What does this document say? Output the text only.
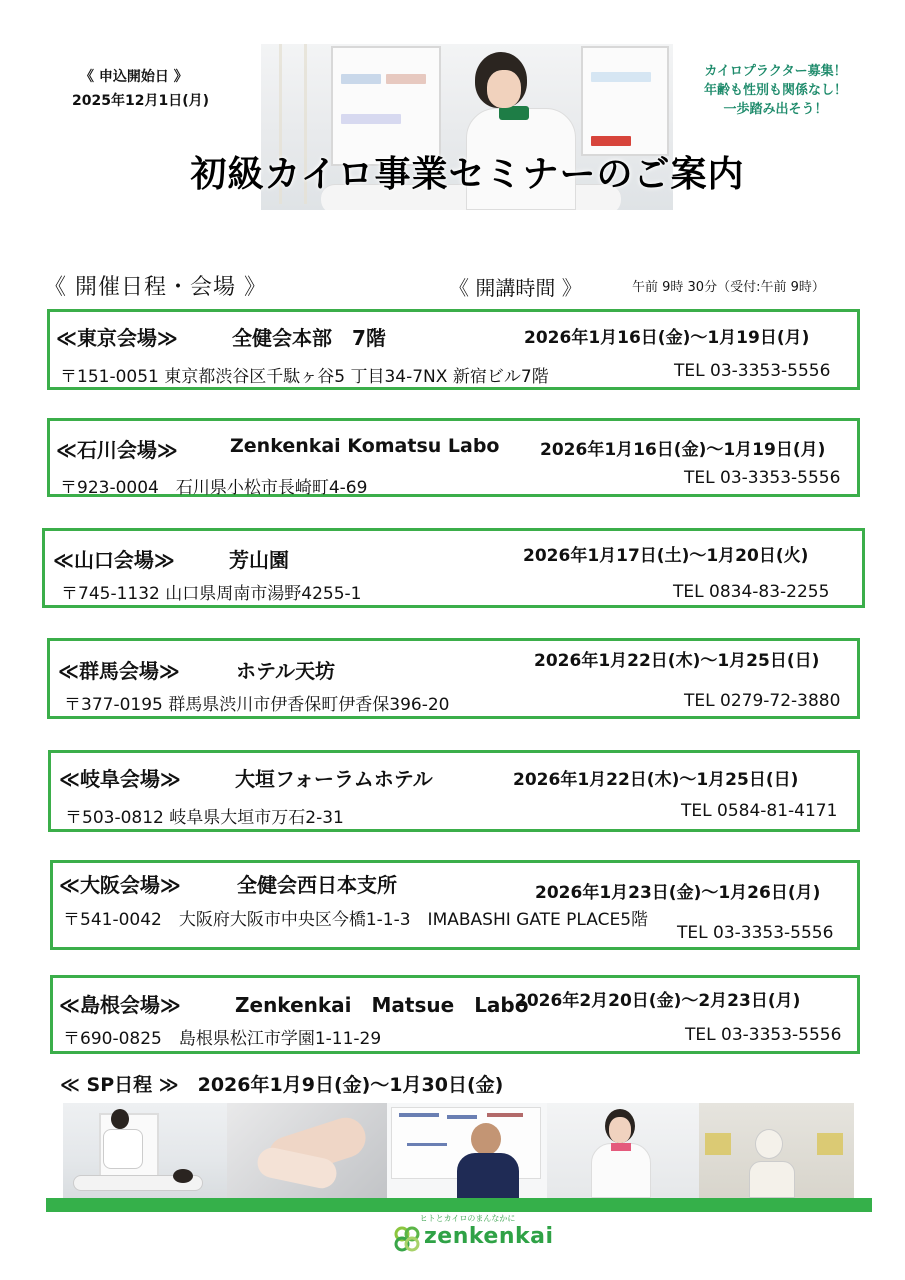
《 申込開始日 》
2025年12月1日(月)
初級カイロ事業セミナーのご案内
カイロプラクター募集！
年齢も性別も関係なし！
一歩踏み出そう！
《 開催日程・会場 》	《 開講時間 》	午前 9時 30分（受付:午前 9時）
≪東京会場≫	全健会本部　7階	2026年1月16日(金)～1月19日(月)
〒151-0051 東京都渋谷区千駄ヶ谷5 丁目34-7NX 新宿ビル7階	TEL 03-3353-5556
≪石川会場≫	Zenkenkai Komatsu Labo 2026年1月16日(金)～1月19日(月)
〒923-0004　石川県小松市長崎町4-69	TEL 03-3353-5556
≪山口会場≫	芳山園	2026年1月17日(土)～1月20日(火)
〒745-1132 山口県周南市湯野4255-1	TEL 0834-83-2255
≪群馬会場≫	ホテル天坊	2026年1月22日(木)～1月25日(日)
〒377-0195 群馬県渋川市伊香保町伊香保396-20	TEL 0279-72-3880
≪岐阜会場≫	大垣フォーラムホテル	2026年1月22日(木)～1月25日(日)
〒503-0812 岐阜県大垣市万石2-31	TEL 0584-81-4171
≪大阪会場≫	全健会西日本支所	2026年1月23日(金)～1月26日(月)
〒541-0042　大阪府大阪市中央区今橋1-1-3　IMABASHI GATE PLACE5階
TEL 03-3353-5556
≪島根会場≫	Zenkenkai　Matsue　Labo
2026年2月20日(金)～2月23日(月)
〒690-0825　島根県松江市学園1-11-29	TEL 03-3353-5556
≪ SP日程 ≫　2026年1月9日(金)～1月30日(金)
ヒトとカイロのまんなかに
zenkenkai
